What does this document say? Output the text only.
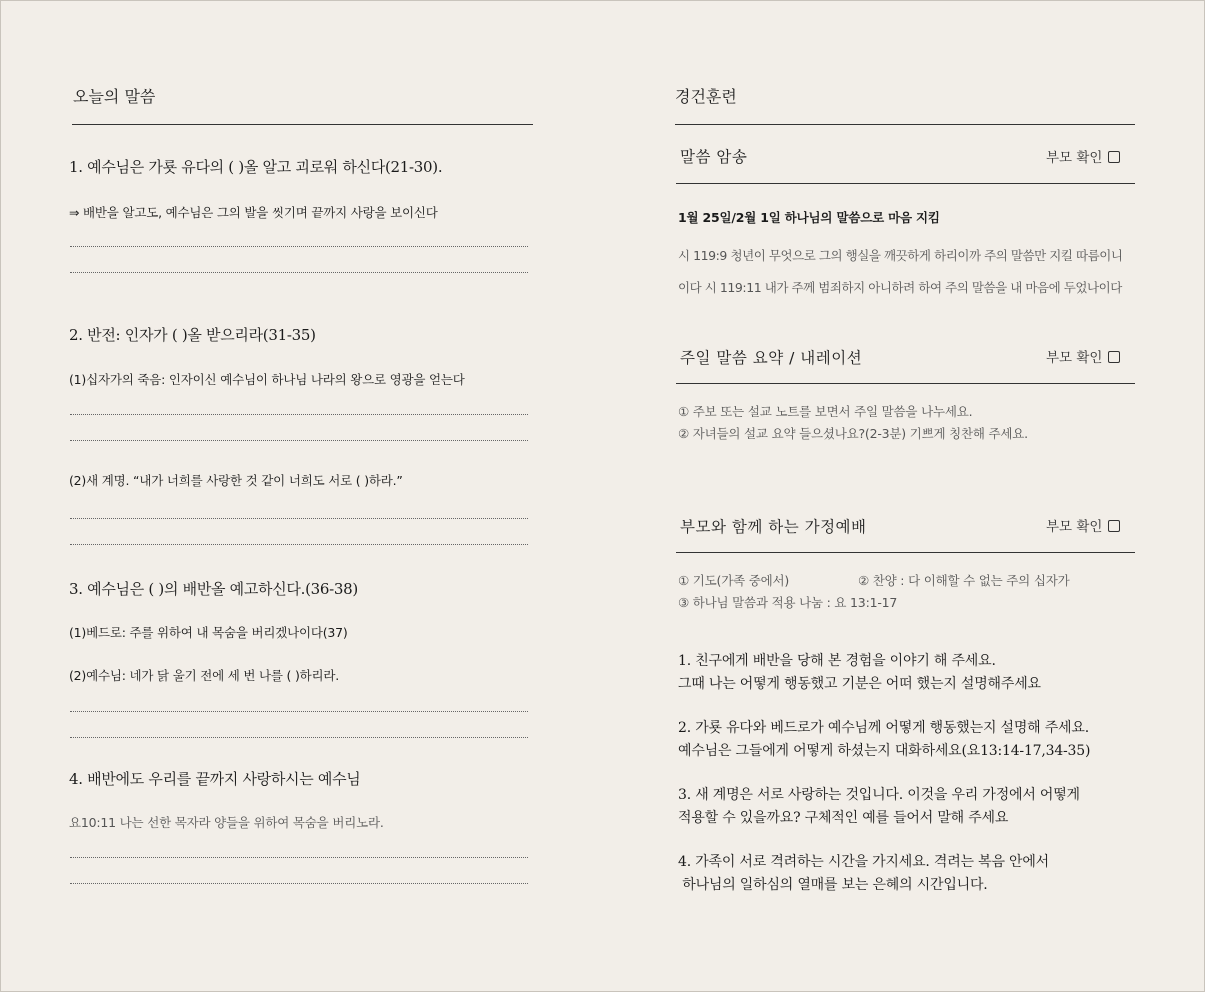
오늘의 말씀
1. 예수님은 가룟 유다의 ( )올 알고 괴로워 하신다(21-30).
⇒ 배반을 알고도, 예수님은 그의 발을 씻기며 끝까지 사랑을 보이신다
2. 반전: 인자가 ( )올 받으리라(31-35)
(1)십자가의 죽음: 인자이신 예수님이 하나님 나라의 왕으로 영광을 얻는다
(2)새 계명. “내가 너희를 사랑한 것 같이 너희도 서로 ( )하라.”
3. 예수님은 ( )의 배반올 예고하신다.(36-38)
(1)베드로: 주를 위하여 내 목숨을 버리겠나이다(37)
(2)예수님: 네가 닭 울기 전에 세 번 나를 ( )하리라.
4. 배반에도 우리를 끝까지 사랑하시는 예수님
요10:11 나는 선한 목자라 양들을 위하여 목숨을 버리노라.
경건훈련
말씀 암송	부모 확인
1월 25일/2월 1일 하나님의 말씀으로 마음 지킴
시 119:9 청년이 무엇으로 그의 행실을 깨끗하게 하리이까 주의 말씀만 지킬 따름이니
이다 시 119:11 내가 주께 범죄하지 아니하려 하여 주의 말씀을 내 마음에 두었나이다
주일 말씀 요약 / 내레이션	부모 확인
① 주보 또는 설교 노트를 보면서 주일 말씀을 나누세요.
② 자녀들의 설교 요약 들으셨나요?(2-3분) 기쁘게 칭찬해 주세요.
부모와 함께 하는 가정예배	부모 확인
① 기도(가족 중에서)	② 찬양 : 다 이해할 수 없는 주의 십자가
③ 하나님 말씀과 적용 나눔 : 요 13:1-17
1. 친구에게 배반을 당해 본 경험을 이야기 해 주세요.
그때 나는 어떻게 행동했고 기분은 어떠 했는지 설명해주세요
2. 가룟 유다와 베드로가 예수님께 어떻게 행동했는지 설명해 주세요.
예수님은 그들에게 어떻게 하셨는지 대화하세요(요13:14-17,34-35)
3. 새 계명은 서로 사랑하는 것입니다. 이것을 우리 가정에서 어떻게
적용할 수 있을까요? 구체적인 예를 들어서 말해 주세요
4. 가족이 서로 격려하는 시간을 가지세요. 격려는 복음 안에서
하나님의 일하심의 열매를 보는 은혜의 시간입니다.
